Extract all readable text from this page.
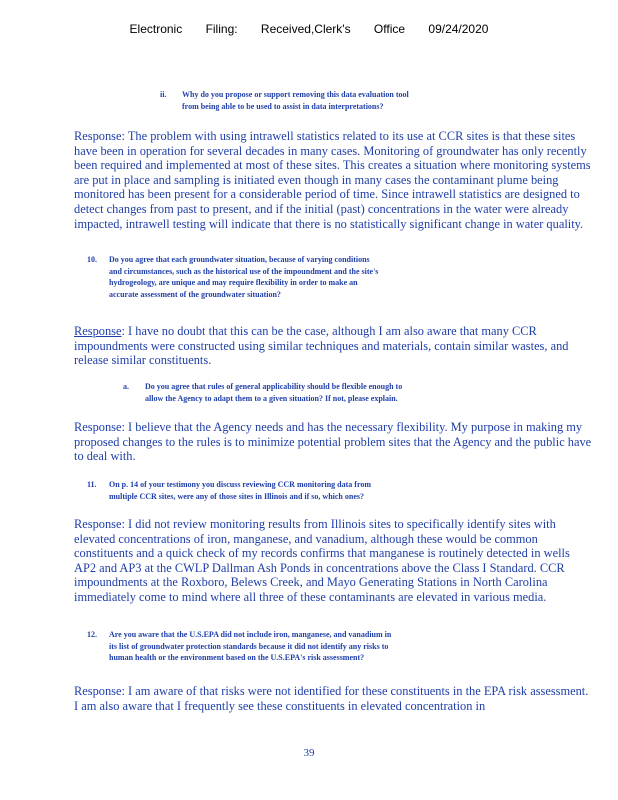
Electronic Filing: Received,Clerk's Office 09/24/2020
ii. Why do you propose or support removing this data evaluation tool from being able to be used to assist in data interpretations?
Response: The problem with using intrawell statistics related to its use at CCR sites is that these sites have been in operation for several decades in many cases. Monitoring of groundwater has only recently been required and implemented at most of these sites. This creates a situation where monitoring systems are put in place and sampling is initiated even though in many cases the contaminant plume being monitored has been present for a considerable period of time. Since intrawell statistics are designed to detect changes from past to present, and if the initial (past) concentrations in the water were already impacted, intrawell testing will indicate that there is no statistically significant change in water quality.
10. Do you agree that each groundwater situation, because of varying conditions and circumstances, such as the historical use of the impoundment and the site's hydrogeology, are unique and may require flexibility in order to make an accurate assessment of the groundwater situation?
Response: I have no doubt that this can be the case, although I am also aware that many CCR impoundments were constructed using similar techniques and materials, contain similar wastes, and release similar constituents.
a. Do you agree that rules of general applicability should be flexible enough to allow the Agency to adapt them to a given situation? If not, please explain.
Response: I believe that the Agency needs and has the necessary flexibility. My purpose in making my proposed changes to the rules is to minimize potential problem sites that the Agency and the public have to deal with.
11. On p. 14 of your testimony you discuss reviewing CCR monitoring data from multiple CCR sites, were any of those sites in Illinois and if so, which ones?
Response: I did not review monitoring results from Illinois sites to specifically identify sites with elevated concentrations of iron, manganese, and vanadium, although these would be common constituents and a quick check of my records confirms that manganese is routinely detected in wells AP2 and AP3 at the CWLP Dallman Ash Ponds in concentrations above the Class I Standard. CCR impoundments at the Roxboro, Belews Creek, and Mayo Generating Stations in North Carolina immediately come to mind where all three of these contaminants are elevated in various media.
12. Are you aware that the U.S.EPA did not include iron, manganese, and vanadium in its list of groundwater protection standards because it did not identify any risks to human health or the environment based on the U.S.EPA's risk assessment?
Response: I am aware of that risks were not identified for these constituents in the EPA risk assessment. I am also aware that I frequently see these constituents in elevated concentration in
39
